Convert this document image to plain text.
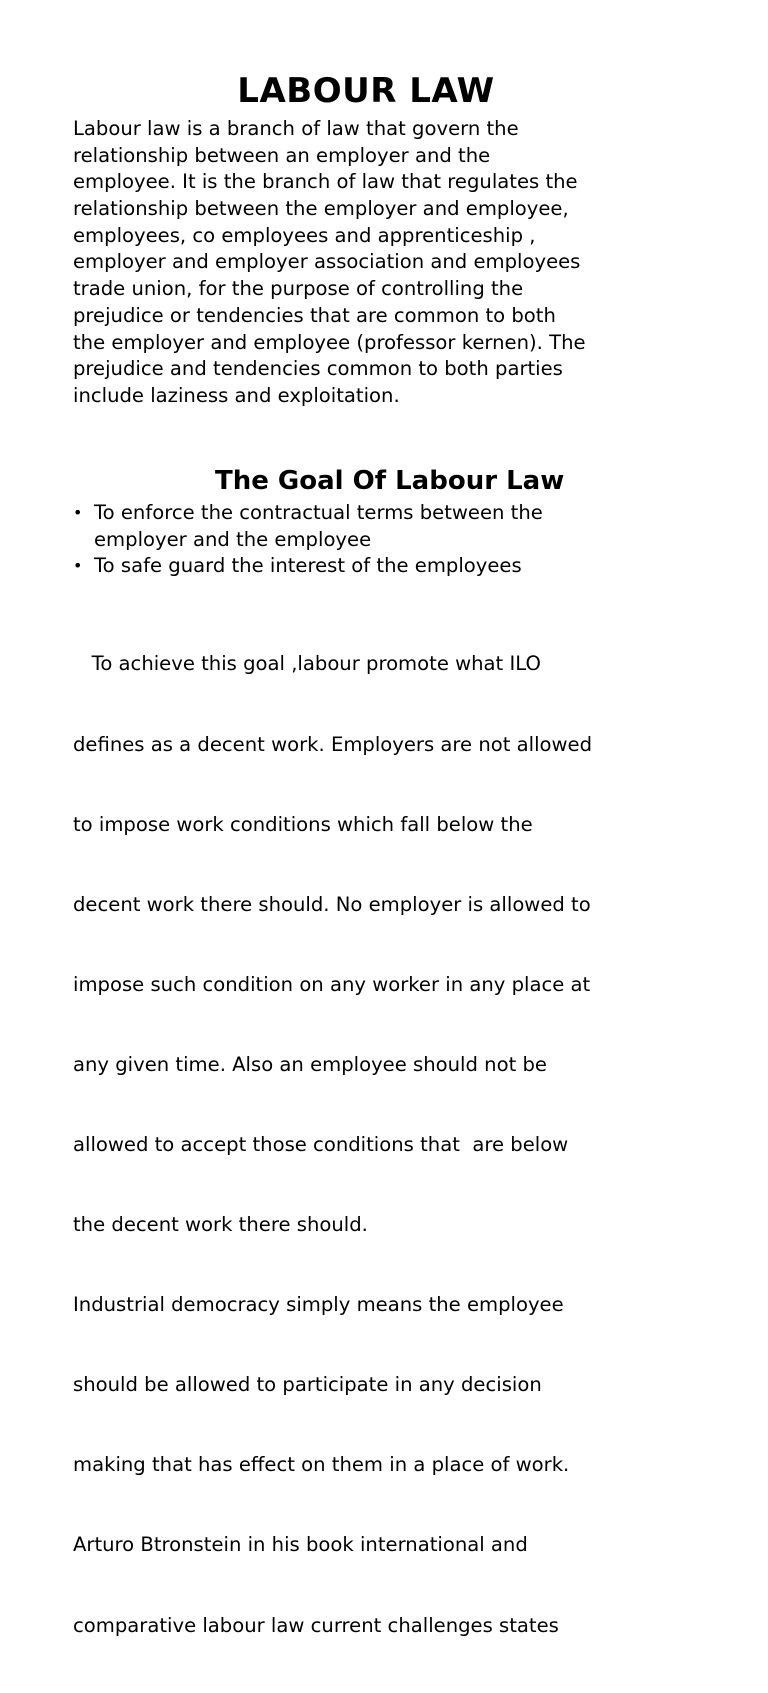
LABOUR LAW

Labour law is a branch of law that govern the
relationship between an employer and the
employee. It is the branch of law that regulates the
relationship between the employer and employee,
employees, co employees and apprenticeship ,
employer and employer association and employees
trade union, for the purpose of controlling the
prejudice or tendencies that are common to both
the employer and employee (professor kernen). The
prejudice and tendencies common to both parties
include laziness and exploitation.

The Goal Of Labour Law
• To enforce the contractual terms between the
employer and the employee
• To safe guard the interest of the employees

To achieve this goal ,labour promote what ILO

defines as a decent work. Employers are not allowed

to impose work conditions which fall below the

decent work there should. No employer is allowed to

impose such condition on any worker in any place at

any given time. Also an employee should not be

allowed to accept those conditions that  are below

the decent work there should.

Industrial democracy simply means the employee

should be allowed to participate in any decision

making that has effect on them in a place of work.

Arturo Btronstein in his book international and

comparative labour law current challenges states
